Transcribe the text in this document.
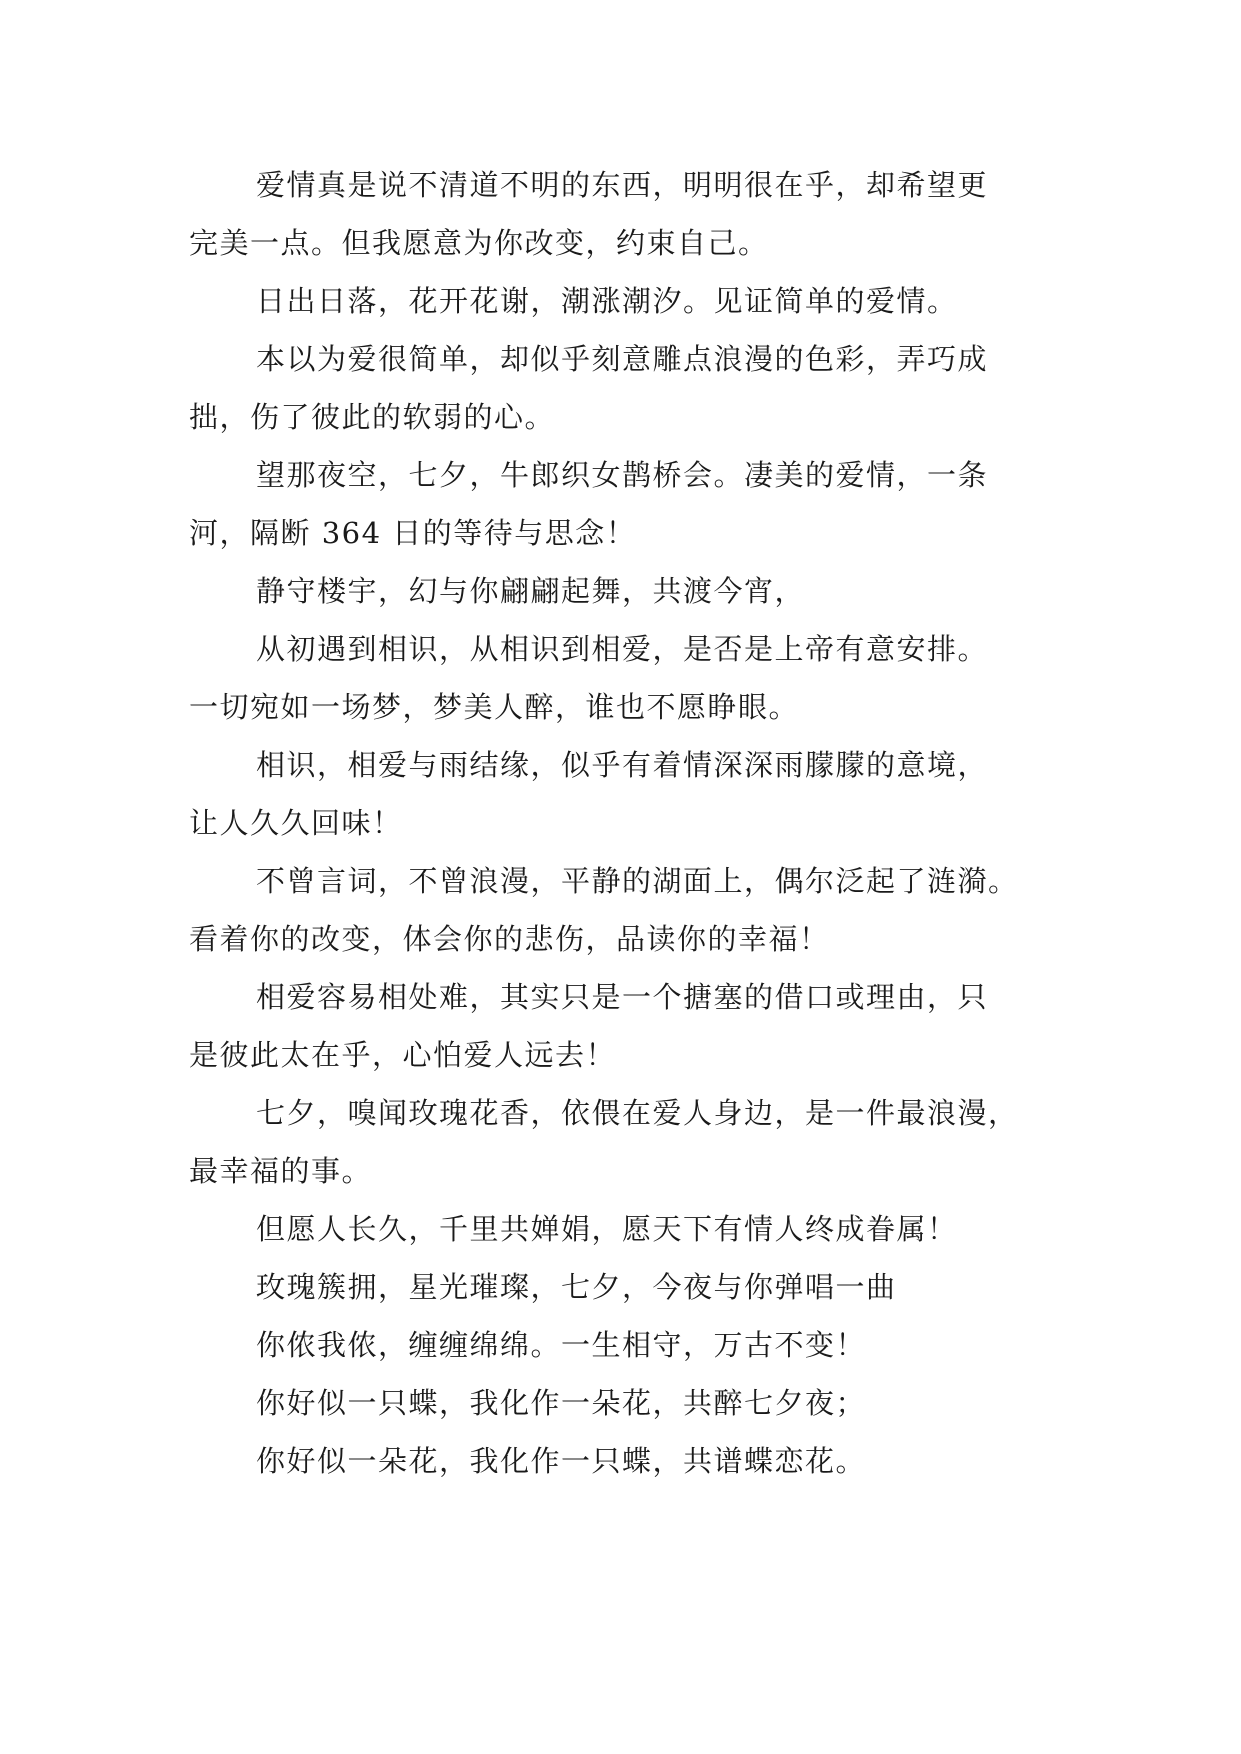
爱情真是说不清道不明的东西，明明很在乎，却希望更
完美一点。但我愿意为你改变，约束自己。
日出日落，花开花谢，潮涨潮汐。见证简单的爱情。
本以为爱很简单，却似乎刻意雕点浪漫的色彩，弄巧成
拙，伤了彼此的软弱的心。
望那夜空，七夕，牛郎织女鹊桥会。凄美的爱情，一条
河，隔断 364 日的等待与思念！
静守楼宇，幻与你翩翩起舞，共渡今宵，
从初遇到相识，从相识到相爱，是否是上帝有意安排。
一切宛如一场梦，梦美人醉，谁也不愿睁眼。
相识，相爱与雨结缘，似乎有着情深深雨朦朦的意境，
让人久久回味！
不曾言词，不曾浪漫，平静的湖面上，偶尔泛起了涟漪。
看着你的改变，体会你的悲伤，品读你的幸福！
相爱容易相处难，其实只是一个搪塞的借口或理由，只
是彼此太在乎，心怕爱人远去！
七夕，嗅闻玫瑰花香，依偎在爱人身边，是一件最浪漫，
最幸福的事。
但愿人长久，千里共婵娟，愿天下有情人终成眷属！
玫瑰簇拥，星光璀璨，七夕，今夜与你弹唱一曲
你侬我侬，缠缠绵绵。一生相守，万古不变！
你好似一只蝶，我化作一朵花，共醉七夕夜；
你好似一朵花，我化作一只蝶，共谱蝶恋花。
